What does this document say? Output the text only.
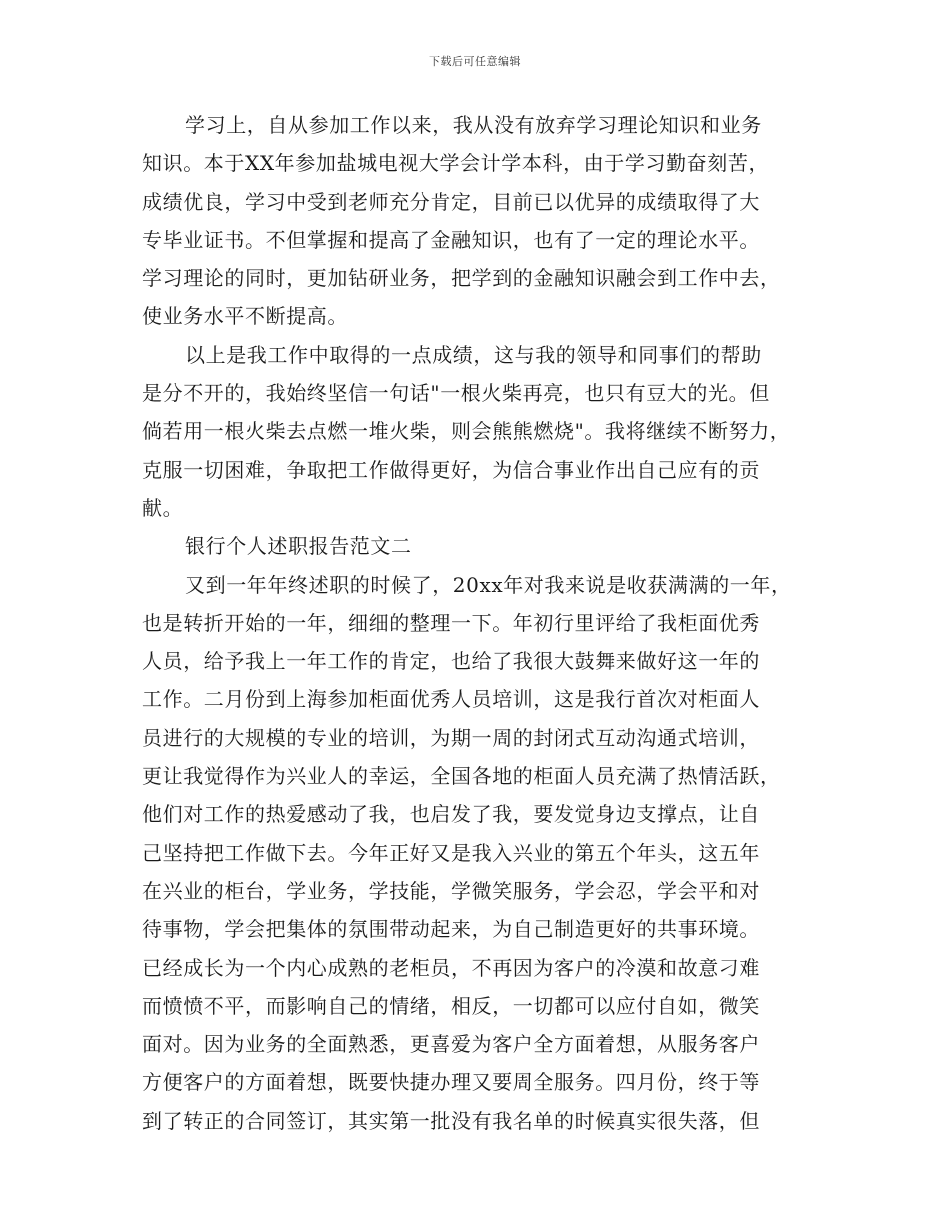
下载后可任意编辑
学习上，自从参加工作以来，我从没有放弃学习理论知识和业务
知识。本于XX年参加盐城电视大学会计学本科，由于学习勤奋刻苦，
成绩优良，学习中受到老师充分肯定，目前已以优异的成绩取得了大
专毕业证书。不但掌握和提高了金融知识，也有了一定的理论水平。
学习理论的同时，更加钻研业务，把学到的金融知识融会到工作中去，
使业务水平不断提高。
以上是我工作中取得的一点成绩，这与我的领导和同事们的帮助
是分不开的，我始终坚信一句话"一根火柴再亮，也只有豆大的光。但
倘若用一根火柴去点燃一堆火柴，则会熊熊燃烧"。我将继续不断努力，
克服一切困难，争取把工作做得更好，为信合事业作出自己应有的贡
献。
银行个人述职报告范文二
又到一年年终述职的时候了，20xx年对我来说是收获满满的一年，
也是转折开始的一年，细细的整理一下。年初行里评给了我柜面优秀
人员，给予我上一年工作的肯定，也给了我很大鼓舞来做好这一年的
工作。二月份到上海参加柜面优秀人员培训，这是我行首次对柜面人
员进行的大规模的专业的培训，为期一周的封闭式互动沟通式培训，
更让我觉得作为兴业人的幸运，全国各地的柜面人员充满了热情活跃，
他们对工作的热爱感动了我，也启发了我，要发觉身边支撑点，让自
己坚持把工作做下去。今年正好又是我入兴业的第五个年头，这五年
在兴业的柜台，学业务，学技能，学微笑服务，学会忍，学会平和对
待事物，学会把集体的氛围带动起来，为自己制造更好的共事环境。
已经成长为一个内心成熟的老柜员，不再因为客户的冷漠和故意刁难
而愤愤不平，而影响自己的情绪，相反，一切都可以应付自如，微笑
面对。因为业务的全面熟悉，更喜爱为客户全方面着想，从服务客户
方便客户的方面着想，既要快捷办理又要周全服务。四月份，终于等
到了转正的合同签订，其实第一批没有我名单的时候真实很失落，但
